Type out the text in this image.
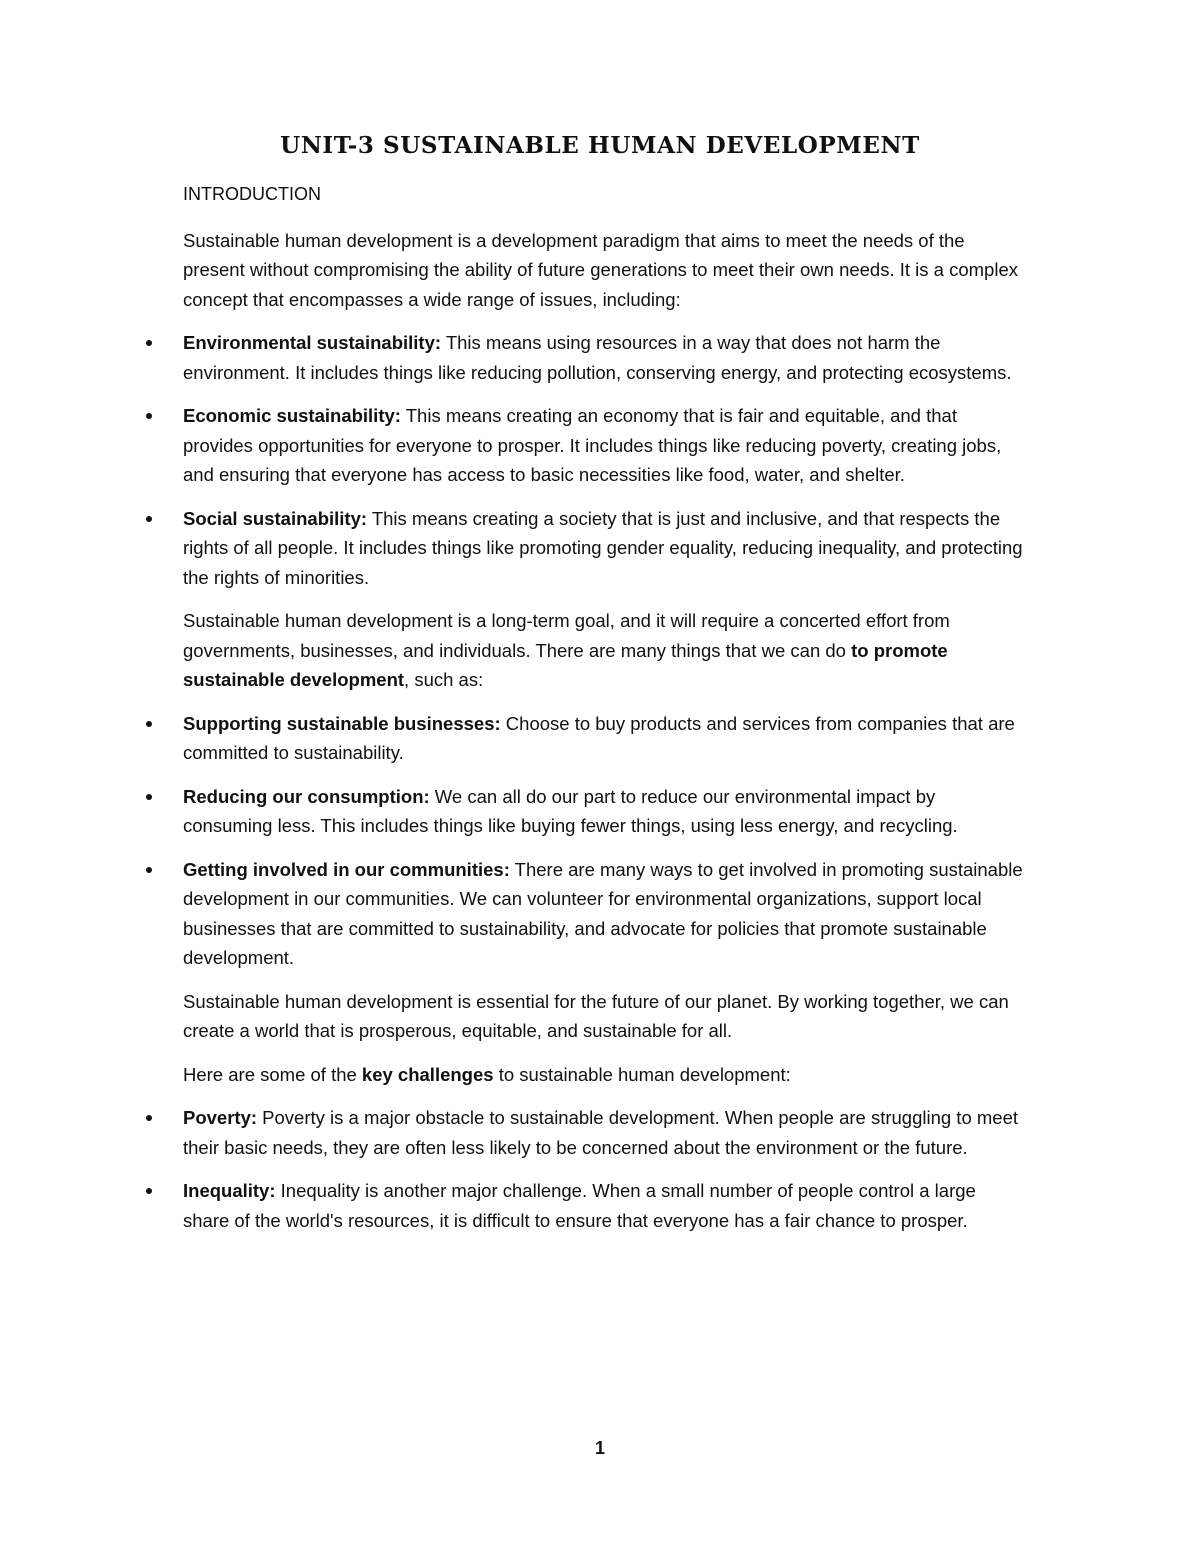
UNIT-3 SUSTAINABLE HUMAN DEVELOPMENT
INTRODUCTION

Sustainable human development is a development paradigm that aims to meet the needs of the present without compromising the ability of future generations to meet their own needs. It is a complex concept that encompasses a wide range of issues, including:

Environmental sustainability: This means using resources in a way that does not harm the environment. It includes things like reducing pollution, conserving energy, and protecting ecosystems.
Economic sustainability: This means creating an economy that is fair and equitable, and that provides opportunities for everyone to prosper. It includes things like reducing poverty, creating jobs, and ensuring that everyone has access to basic necessities like food, water, and shelter.
Social sustainability: This means creating a society that is just and inclusive, and that respects the rights of all people. It includes things like promoting gender equality, reducing inequality, and protecting the rights of minorities.

Sustainable human development is a long-term goal, and it will require a concerted effort from governments, businesses, and individuals. There are many things that we can do to promote sustainable development, such as:

Supporting sustainable businesses: Choose to buy products and services from companies that are committed to sustainability.
Reducing our consumption: We can all do our part to reduce our environmental impact by consuming less. This includes things like buying fewer things, using less energy, and recycling.
Getting involved in our communities: There are many ways to get involved in promoting sustainable development in our communities. We can volunteer for environmental organizations, support local businesses that are committed to sustainability, and advocate for policies that promote sustainable development.

Sustainable human development is essential for the future of our planet. By working together, we can create a world that is prosperous, equitable, and sustainable for all.

Here are some of the key challenges to sustainable human development:

Poverty: Poverty is a major obstacle to sustainable development. When people are struggling to meet their basic needs, they are often less likely to be concerned about the environment or the future.
Inequality: Inequality is another major challenge. When a small number of people control a large share of the world's resources, it is difficult to ensure that everyone has a fair chance to prosper.
1
